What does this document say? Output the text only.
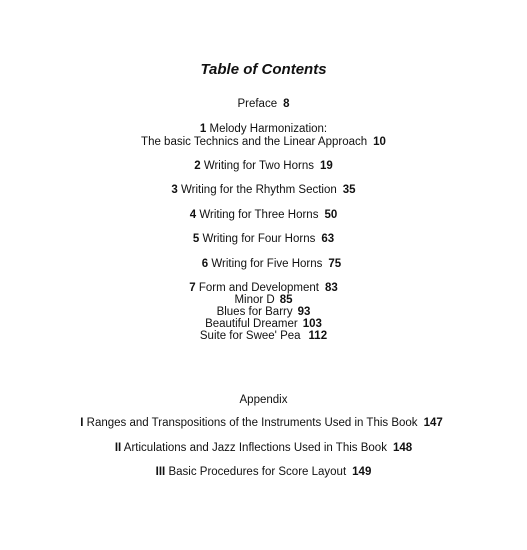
Table of Contents
Preface 8
1 Melody Harmonization:
The basic Technics and the Linear Approach 10
2 Writing for Two Horns 19
3 Writing for the Rhythm Section 35
4 Writing for Three Horns 50
5 Writing for Four Horns 63
6 Writing for Five Horns 75
7 Form and Development 83
Minor D 85
Blues for Barry 93
Beautiful Dreamer 103
Suite for Swee' Pea 112
Appendix
I Ranges and Transpositions of the Instruments Used in This Book 147
II Articulations and Jazz Inflections Used in This Book 148
III Basic Procedures for Score Layout 149
